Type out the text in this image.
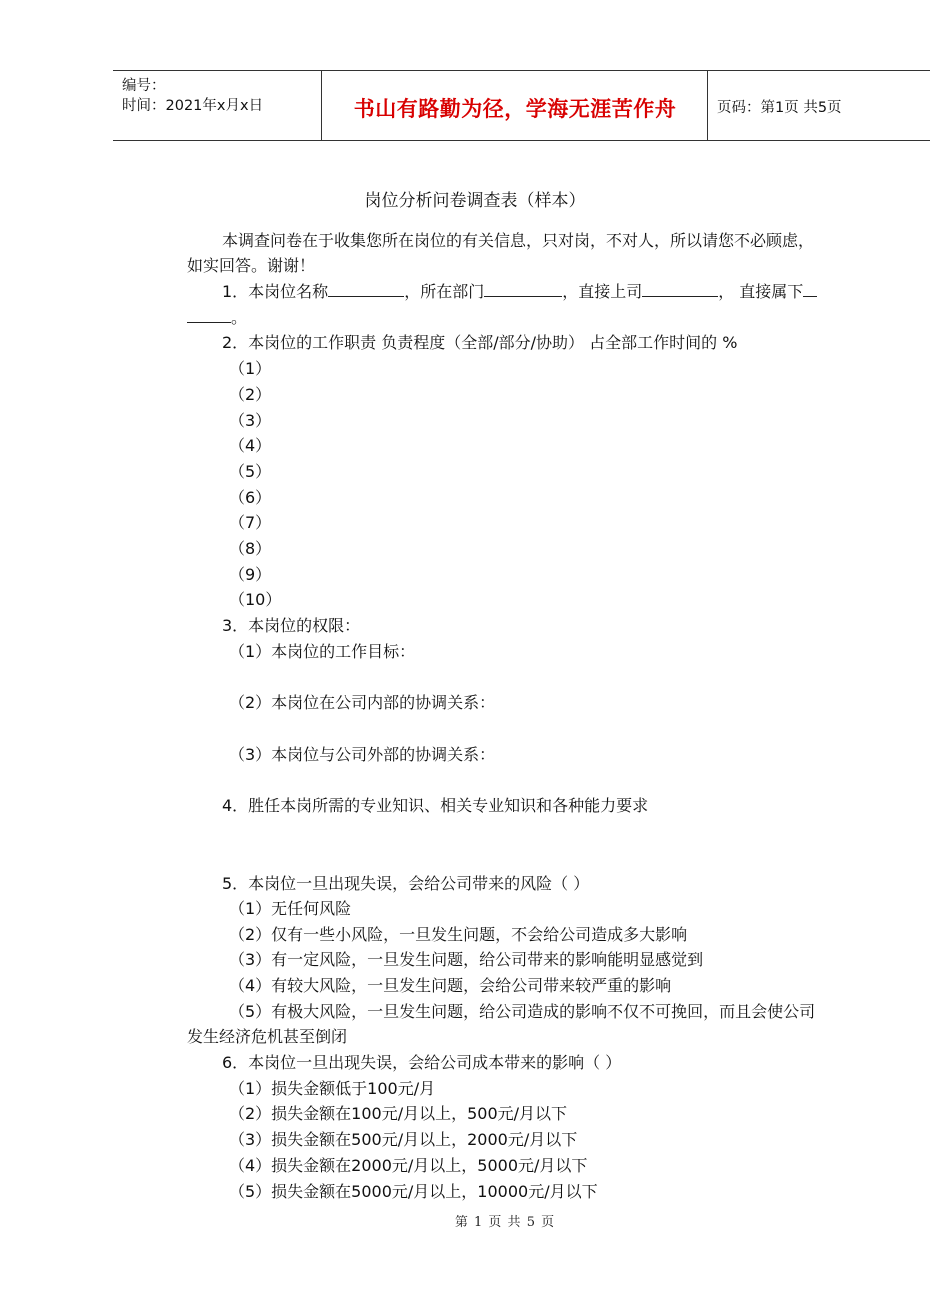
编号：
时间：2021年x月x日	书山有路勤为径，学海无涯苦作舟	页码：第1页 共5页
岗位分析问卷调查表（样本）
本调查问卷在于收集您所在岗位的有关信息，只对岗，不对人，所以请您不必顾虑，
如实回答。谢谢！
1．本岗位名称	，所在部门	，直接上司	， 直接属下
。
2．本岗位的工作职责 负责程度（全部/部分/协助） 占全部工作时间的 %
（1）
（2）
（3）
（4）
（5）
（6）
（7）
（8）
（9）
（10）
3．本岗位的权限：
（1）本岗位的工作目标：
（2）本岗位在公司内部的协调关系：
（3）本岗位与公司外部的协调关系：
4．胜任本岗所需的专业知识、相关专业知识和各种能力要求
5．本岗位一旦出现失误，会给公司带来的风险（ ）
（1）无任何风险
（2）仅有一些小风险，一旦发生问题，不会给公司造成多大影响
（3）有一定风险，一旦发生问题，给公司带来的影响能明显感觉到
（4）有较大风险，一旦发生问题，会给公司带来较严重的影响
（5）有极大风险，一旦发生问题，给公司造成的影响不仅不可挽回，而且会使公司
发生经济危机甚至倒闭
6．本岗位一旦出现失误，会给公司成本带来的影响（ ）
（1）损失金额低于100元/月
（2）损失金额在100元/月以上，500元/月以下
（3）损失金额在500元/月以上，2000元/月以下
（4）损失金额在2000元/月以上，5000元/月以下
（5）损失金额在5000元/月以上，10000元/月以下
第 1 页 共 5 页
